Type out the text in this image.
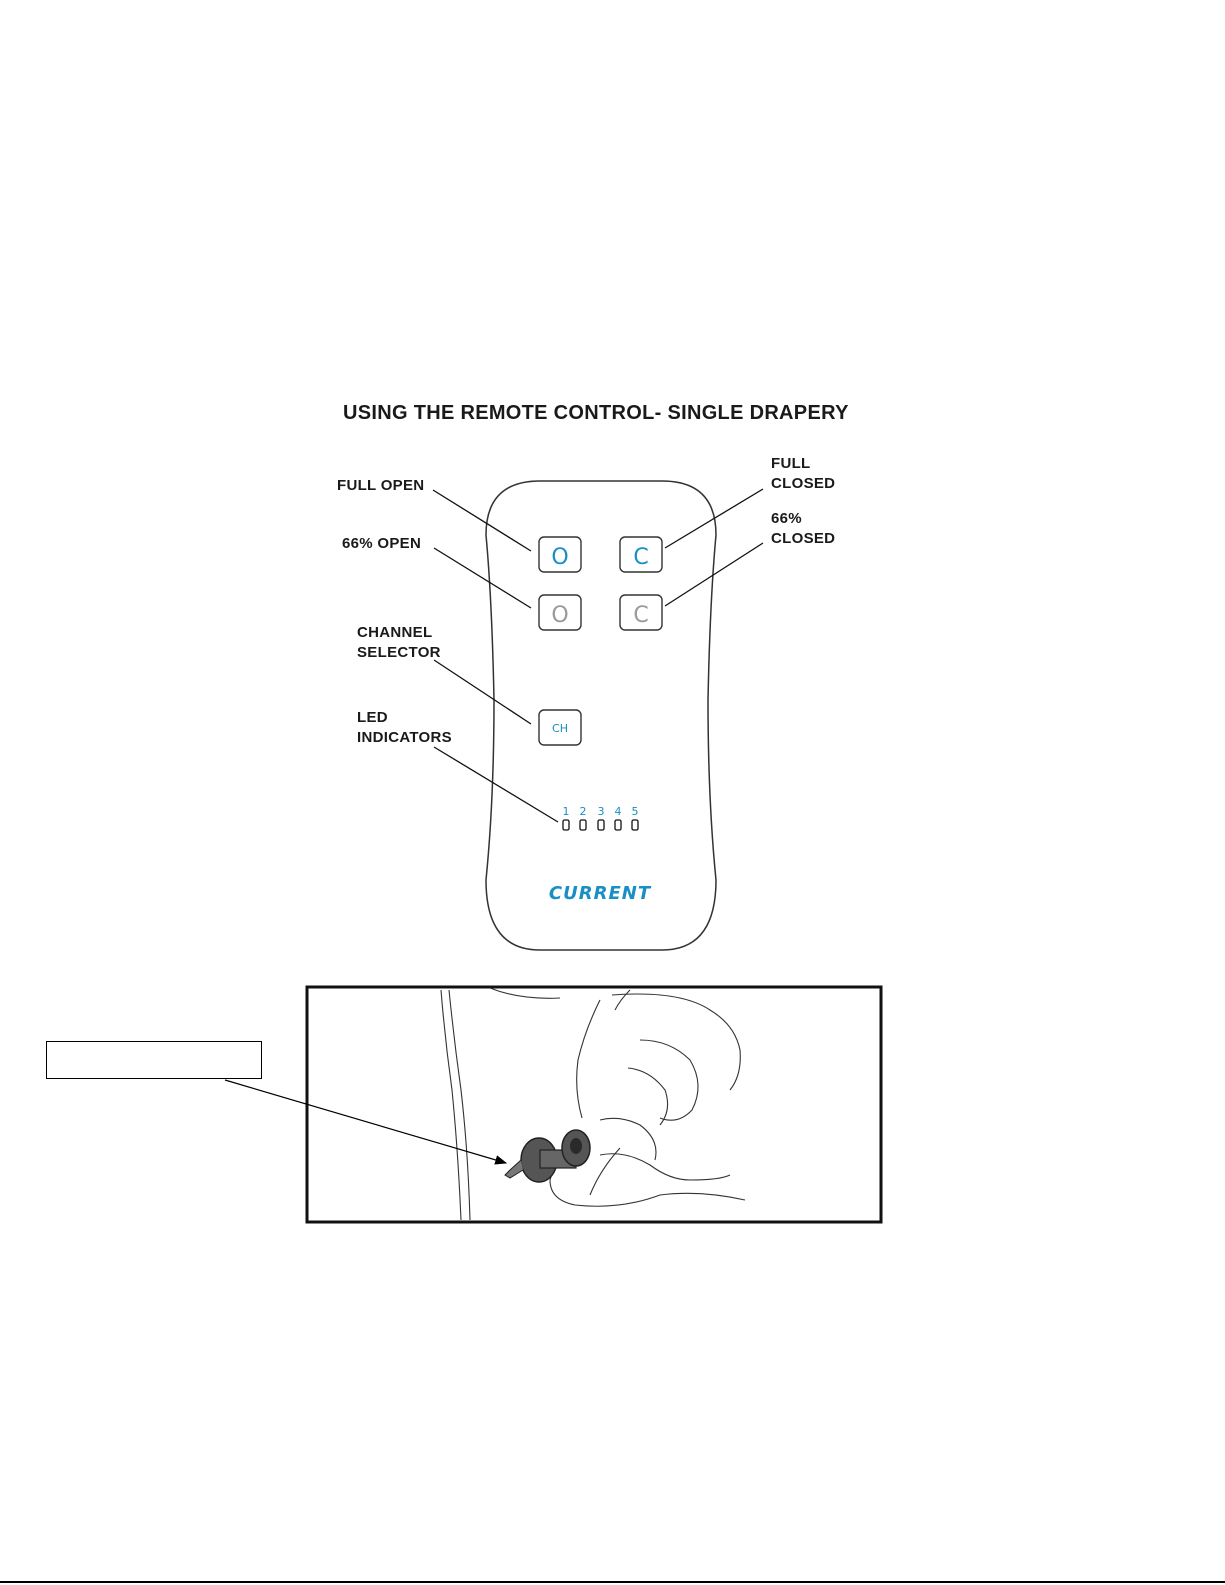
USING THE REMOTE CONTROL- SINGLE DRAPERY
FULL OPEN
FULL
CLOSED
66% OPEN
66%
CLOSED
CHANNEL
SELECTOR
LED
INDICATORS
O	C
O	C
CH
1 2 3 4 5
CURRENT
